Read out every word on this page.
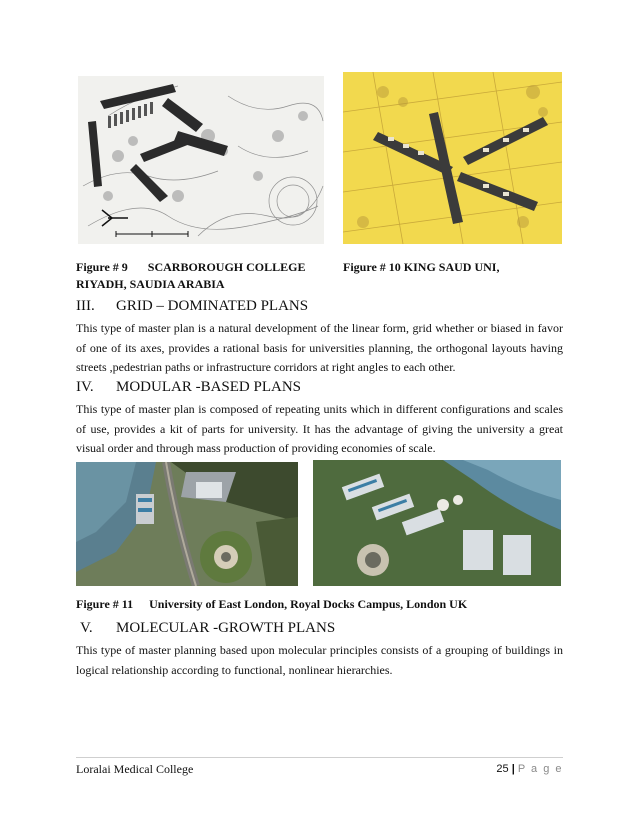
Figure # 9 SCARBOROUGH COLLEGE	Figure # 10 KING SAUD UNI,
RIYADH, SAUDIA ARABIA
III. GRID – DOMINATED PLANS
This type of master plan is a natural development of the linear form, grid whether or biased in favor of one of its axes, provides a rational basis for universities planning, the orthogonal layouts having streets ,pedestrian paths or infrastructure corridors at right angles to each other.
IV. MODULAR -BASED PLANS
This type of master plan is composed of repeating units which in different configurations and scales of use, provides a kit of parts for university. It has the advantage of giving the university a great visual order and through mass production of providing economies of scale.
Figure # 11 University of East London, Royal Docks Campus, London UK
V. MOLECULAR -GROWTH PLANS
This type of master planning based upon molecular principles consists of a grouping of buildings in logical relationship according to functional, nonlinear hierarchies.
Loralai Medical College	25 | P a g e
